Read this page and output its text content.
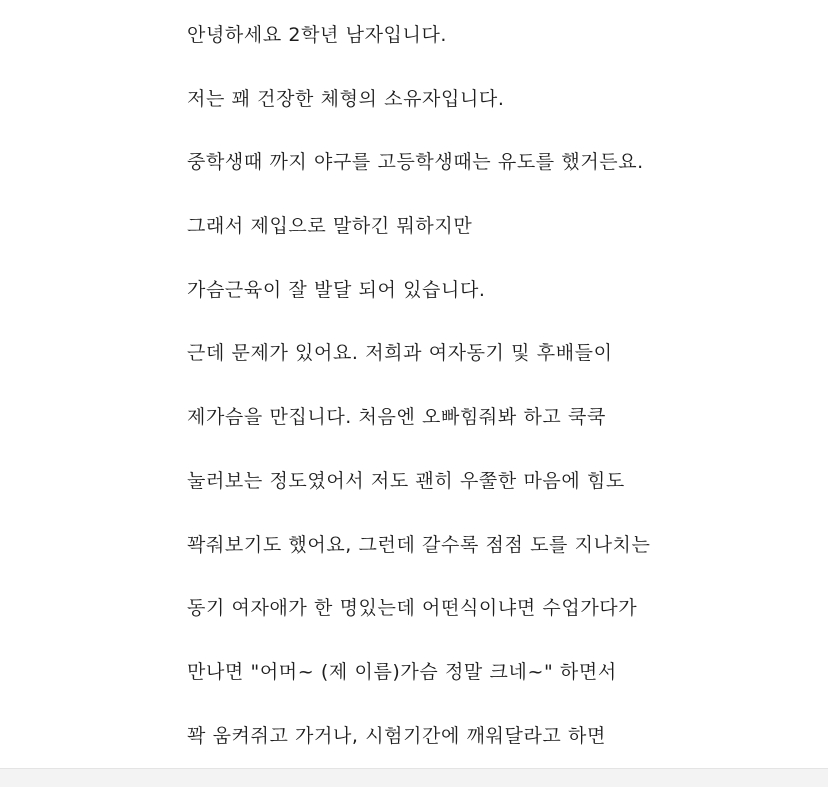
안녕하세요 2학년 남자입니다.
저는 꽤 건장한 체형의 소유자입니다.
중학생때 까지 야구를 고등학생때는 유도를 했거든요.
그래서 제입으로 말하긴 뭐하지만
가슴근육이 잘 발달 되어 있습니다.
근데 문제가 있어요. 저희과 여자동기 및 후배들이
제가슴을 만집니다. 처음엔 오빠힘줘봐 하고 쿡쿡
눌러보는 정도였어서 저도 괜히 우쭐한 마음에 힘도
꽉줘보기도 했어요, 그런데 갈수록 점점 도를 지나치는
동기 여자애가 한 명있는데 어떤식이냐면 수업가다가
만나면 "어머~ (제 이름)가슴 정말 크네~" 하면서
꽉 움켜쥐고 가거나, 시험기간에 깨워달라고 하면
